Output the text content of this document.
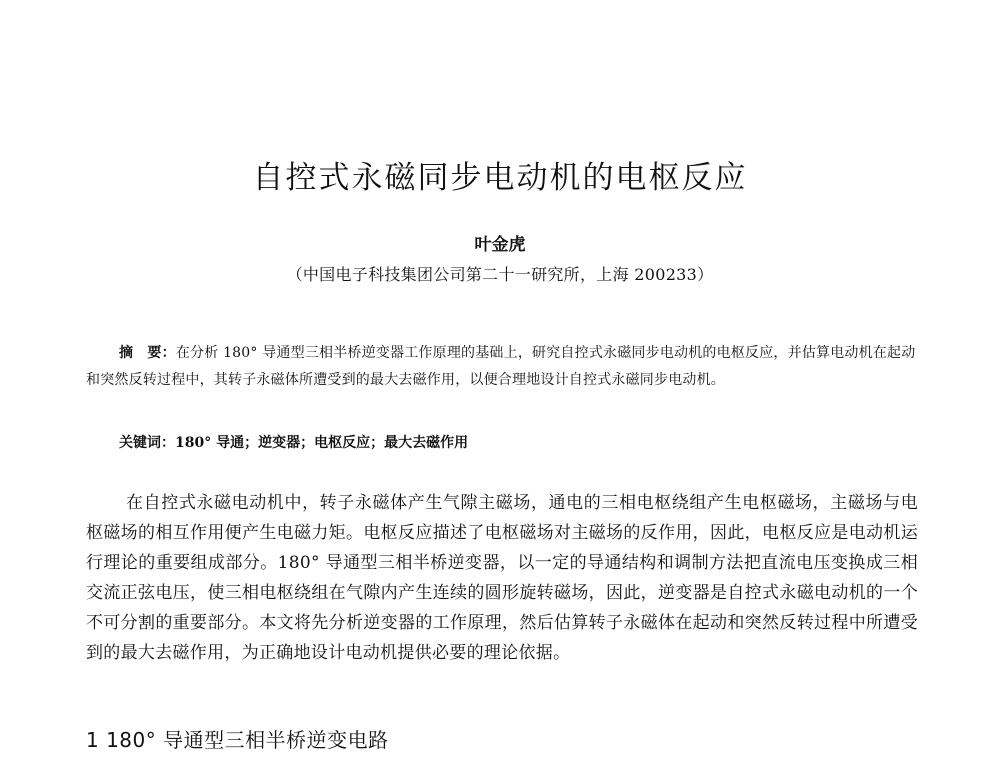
自控式永磁同步电动机的电枢反应
叶金虎
（中国电子科技集团公司第二十一研究所，上海 200233）
摘　要：在分析 180° 导通型三相半桥逆变器工作原理的基础上，研究自控式永磁同步电动机的电枢反应，并估算电动机在起动和突然反转过程中，其转子永磁体所遭受到的最大去磁作用，以便合理地设计自控式永磁同步电动机。
关键词：180° 导通；逆变器；电枢反应；最大去磁作用
在自控式永磁电动机中，转子永磁体产生气隙主磁场，通电的三相电枢绕组产生电枢磁场，主磁场与电枢磁场的相互作用便产生电磁力矩。电枢反应描述了电枢磁场对主磁场的反作用，因此，电枢反应是电动机运行理论的重要组成部分。180° 导通型三相半桥逆变器，以一定的导通结构和调制方法把直流电压变换成三相交流正弦电压，使三相电枢绕组在气隙内产生连续的圆形旋转磁场，因此，逆变器是自控式永磁电动机的一个不可分割的重要部分。本文将先分析逆变器的工作原理，然后估算转子永磁体在起动和突然反转过程中所遭受到的最大去磁作用，为正确地设计电动机提供必要的理论依据。
1 180° 导通型三相半桥逆变电路
